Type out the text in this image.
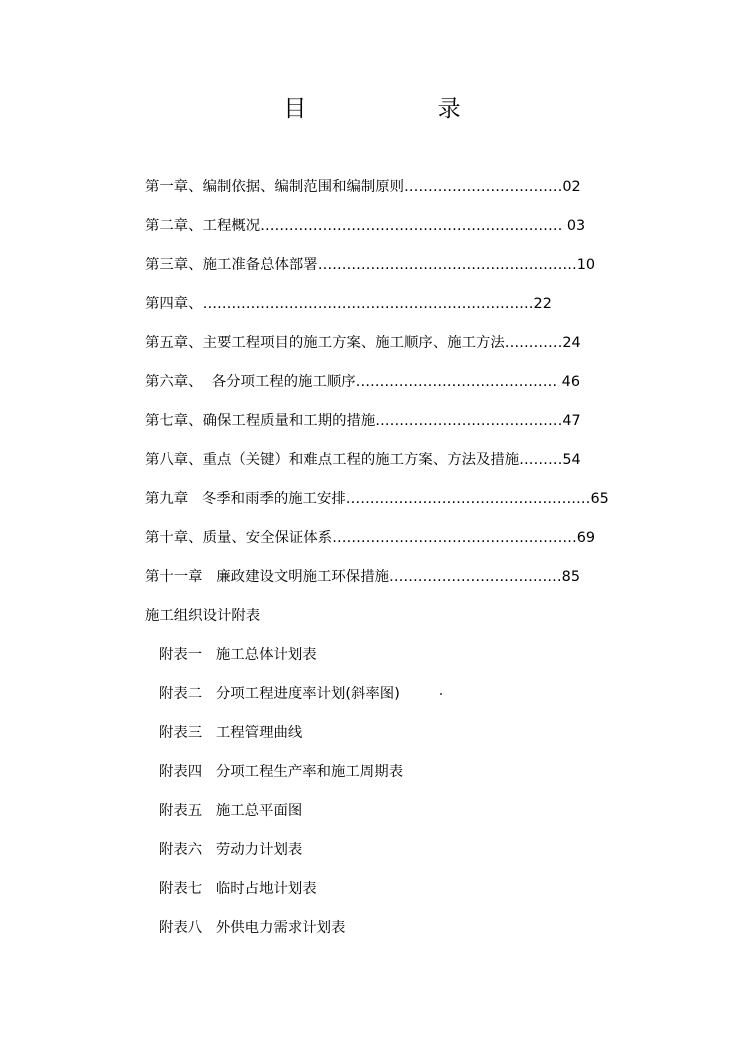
目 录
第一章、编制依据、编制范围和编制原则……………………………02
第二章、工程概况……………………………………………………… 03
第三章、施工准备总体部署………………………………………………10
第四章、……………………………………………………………22
第五章、主要工程项目的施工方案、施工顺序、施工方法…………24
第六章、  各分项工程的施工顺序…………………………………… 46
第七章、确保工程质量和工期的措施…………………………………47
第八章、重点（关键）和难点工程的施工方案、方法及措施………54
第九章   冬季和雨季的施工安排……………………………………………65
第十章、质量、安全保证体系……………………………………………69
第十一章   廉政建设文明施工环保措施………………………………85
施工组织设计附表
附表一   施工总体计划表
附表二   分项工程进度率计划(斜率图)
附表三   工程管理曲线
附表四   分项工程生产率和施工周期表
附表五   施工总平面图
附表六   劳动力计划表
附表七   临时占地计划表
附表八   外供电力需求计划表
